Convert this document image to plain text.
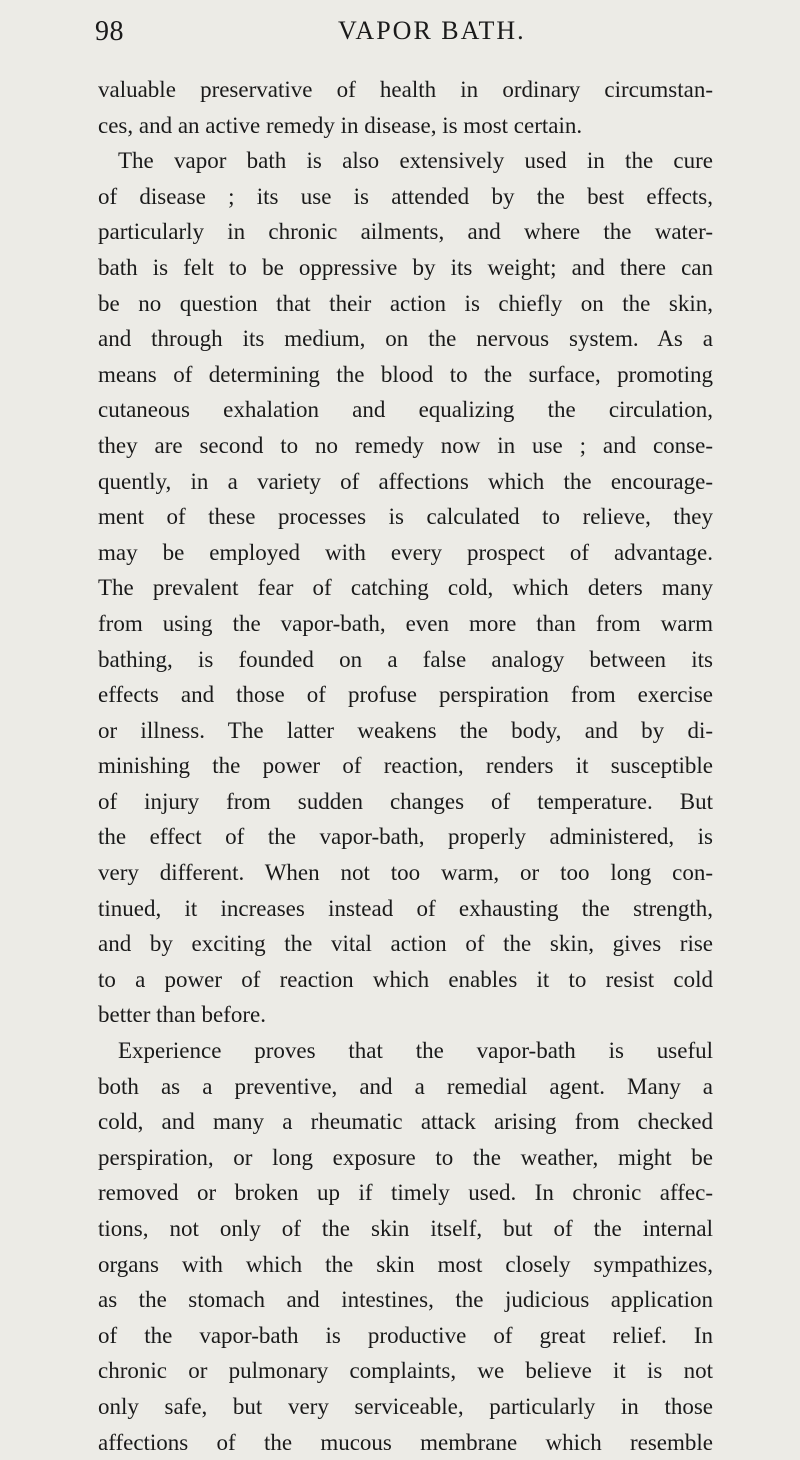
98	VAPOR BATH.
valuable preservative of health in ordinary circumstan-
ces, and an active remedy in disease, is most certain.
The vapor bath is also extensively used in the cure
of disease ; its use is attended by the best effects,
particularly in chronic ailments, and where the water-
bath is felt to be oppressive by its weight; and there can
be no question that their action is chiefly on the skin,
and through its medium, on the nervous system. As a
means of determining the blood to the surface, promoting
cutaneous exhalation and equalizing the circulation,
they are second to no remedy now in use ; and conse-
quently, in a variety of affections which the encourage-
ment of these processes is calculated to relieve, they
may be employed with every prospect of advantage.
The prevalent fear of catching cold, which deters many
from using the vapor-bath, even more than from warm
bathing, is founded on a false analogy between its
effects and those of profuse perspiration from exercise
or illness. The latter weakens the body, and by di-
minishing the power of reaction, renders it susceptible
of injury from sudden changes of temperature. But
the effect of the vapor-bath, properly administered, is
very different. When not too warm, or too long con-
tinued, it increases instead of exhausting the strength,
and by exciting the vital action of the skin, gives rise
to a power of reaction which enables it to resist cold
better than before.
Experience proves that the vapor-bath is useful
both as a preventive, and a remedial agent. Many a
cold, and many a rheumatic attack arising from checked
perspiration, or long exposure to the weather, might be
removed or broken up if timely used. In chronic affec-
tions, not only of the skin itself, but of the internal
organs with which the skin most closely sympathizes,
as the stomach and intestines, the judicious application
of the vapor-bath is productive of great relief. In
chronic or pulmonary complaints, we believe it is not
only safe, but very serviceable, particularly in those
affections of the mucous membrane which resemble
